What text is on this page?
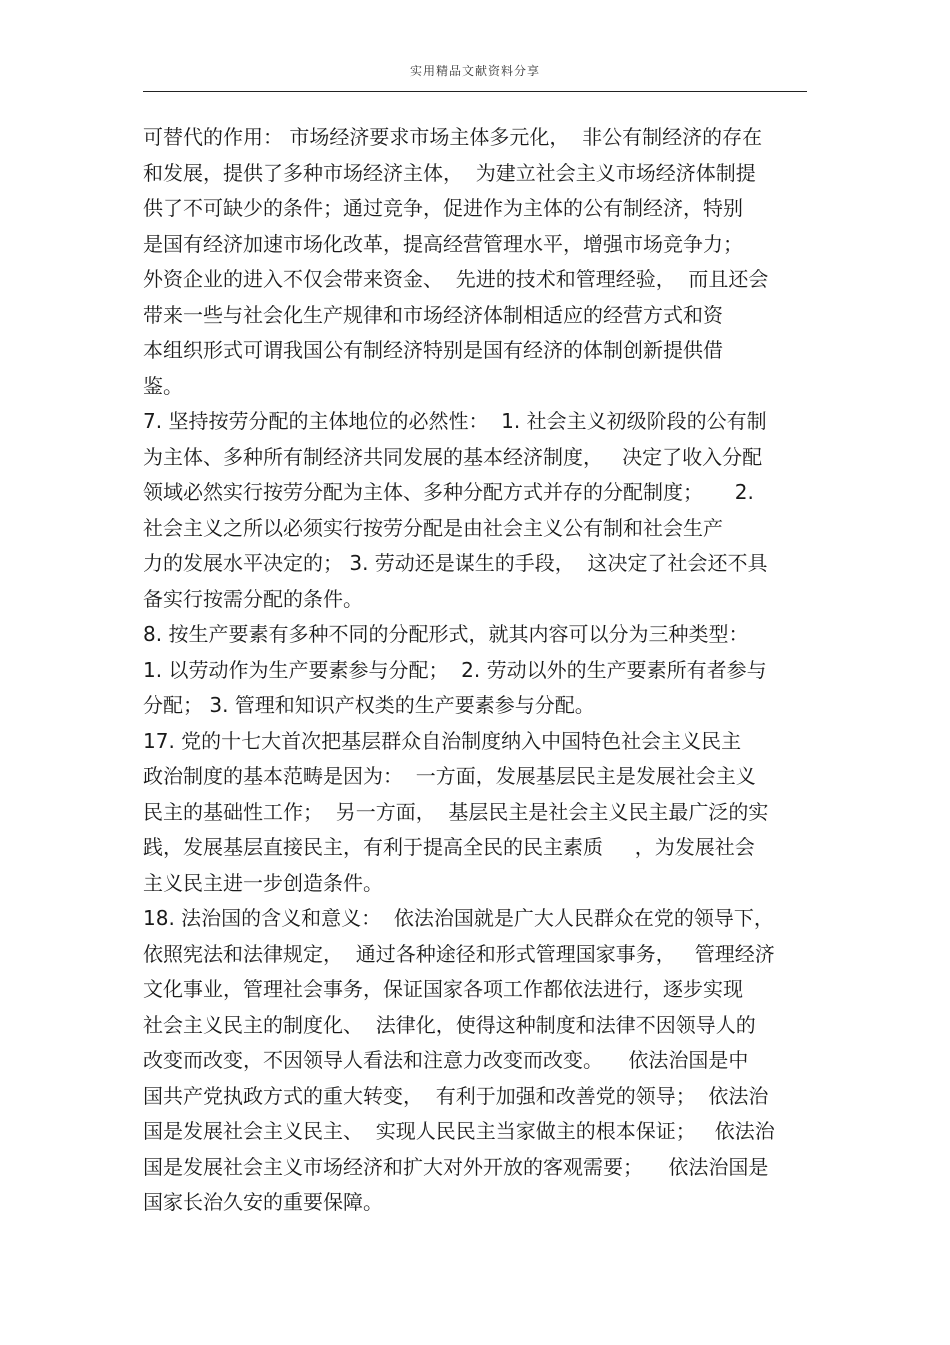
实用精品文献资料分享
可替代的作用： 市场经济要求市场主体多元化，  非公有制经济的存在
和发展，提供了多种市场经济主体，  为建立社会主义市场经济体制提
供了不可缺少的条件；通过竞争，促进作为主体的公有制经济，特别
是国有经济加速市场化改革，提高经营管理水平，增强市场竞争力；
外资企业的进入不仅会带来资金、  先进的技术和管理经验，  而且还会
带来一些与社会化生产规律和市场经济体制相适应的经营方式和资
本组织形式可谓我国公有制经济特别是国有经济的体制创新提供借
鉴。
7. 坚持按劳分配的主体地位的必然性：  1. 社会主义初级阶段的公有制
为主体、多种所有制经济共同发展的基本经济制度，   决定了收入分配
领域必然实行按劳分配为主体、多种分配方式并存的分配制度；     2.
社会主义之所以必须实行按劳分配是由社会主义公有制和社会生产
力的发展水平决定的； 3. 劳动还是谋生的手段，  这决定了社会还不具
备实行按需分配的条件。
8. 按生产要素有多种不同的分配形式，就其内容可以分为三种类型：
1. 以劳动作为生产要素参与分配；  2. 劳动以外的生产要素所有者参与
分配； 3. 管理和知识产权类的生产要素参与分配。
17. 党的十七大首次把基层群众自治制度纳入中国特色社会主义民主
政治制度的基本范畴是因为：  一方面，发展基层民主是发展社会主义
民主的基础性工作；  另一方面，  基层民主是社会主义民主最广泛的实
践，发展基层直接民主，有利于提高全民的民主素质     ，为发展社会
主义民主进一步创造条件。
18. 法治国的含义和意义：  依法治国就是广大人民群众在党的领导下，
依照宪法和法律规定，  通过各种途径和形式管理国家事务，   管理经济
文化事业，管理社会事务，保证国家各项工作都依法进行，逐步实现
社会主义民主的制度化、  法律化，使得这种制度和法律不因领导人的
改变而改变，不因领导人看法和注意力改变而改变。    依法治国是中
国共产党执政方式的重大转变，  有利于加强和改善党的领导；  依法治
国是发展社会主义民主、  实现人民民主当家做主的根本保证；   依法治
国是发展社会主义市场经济和扩大对外开放的客观需要；    依法治国是
国家长治久安的重要保障。
